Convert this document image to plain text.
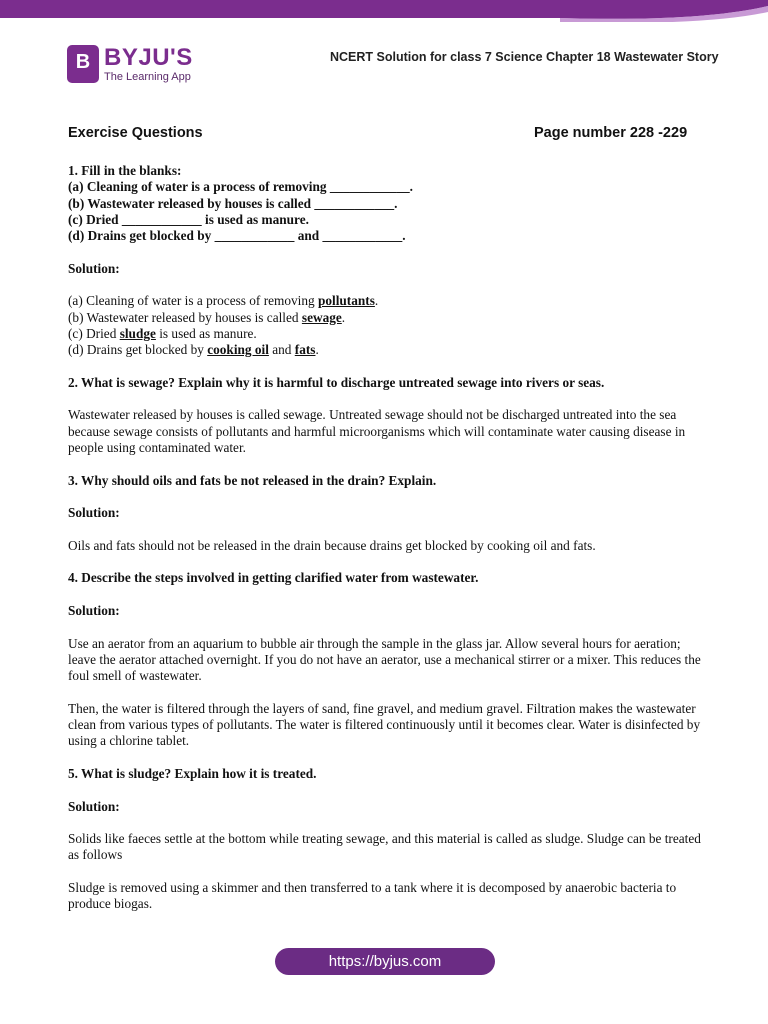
B BYJU'S
The Learning App
NCERT Solution for class 7 Science Chapter 18 Wastewater Story
Exercise Questions	Page number 228 -229
1. Fill in the blanks:
(a) Cleaning of water is a process of removing ____________.
(b) Wastewater released by houses is called ____________.
(c) Dried ____________ is used as manure.

(d) Drains get blocked by ____________ and ____________.

Solution:

(a) Cleaning of water is a process of removing pollutants.
(b) Wastewater released by houses is called sewage.
(c) Dried sludge is used as manure.

(d) Drains get blocked by cooking oil and fats.

2. What is sewage? Explain why it is harmful to discharge untreated sewage into rivers or seas.

Wastewater released by houses is called sewage. Untreated sewage should not be discharged untreated into the sea because sewage consists of pollutants and harmful microorganisms which will contaminate water causing disease in people using contaminated water.

3. Why should oils and fats be not released in the drain? Explain.

Solution:

Oils and fats should not be released in the drain because drains get blocked by cooking oil and fats.

4. Describe the steps involved in getting clarified water from wastewater.

Solution:

Use an aerator from an aquarium to bubble air through the sample in the glass jar. Allow several hours for aeration; leave the aerator attached overnight. If you do not have an aerator, use a mechanical stirrer or a mixer. This reduces the foul smell of wastewater.

Then, the water is filtered through the layers of sand, fine gravel, and medium gravel. Filtration makes the wastewater clean from various types of pollutants. The water is filtered continuously until it becomes clear. Water is disinfected by using a chlorine tablet.

5. What is sludge? Explain how it is treated.

Solution:

Solids like faeces settle at the bottom while treating sewage, and this material is called as sludge. Sludge can be treated as follows

Sludge is removed using a skimmer and then transferred to a tank where it is decomposed by anaerobic bacteria to produce biogas.

https://byjus.com
